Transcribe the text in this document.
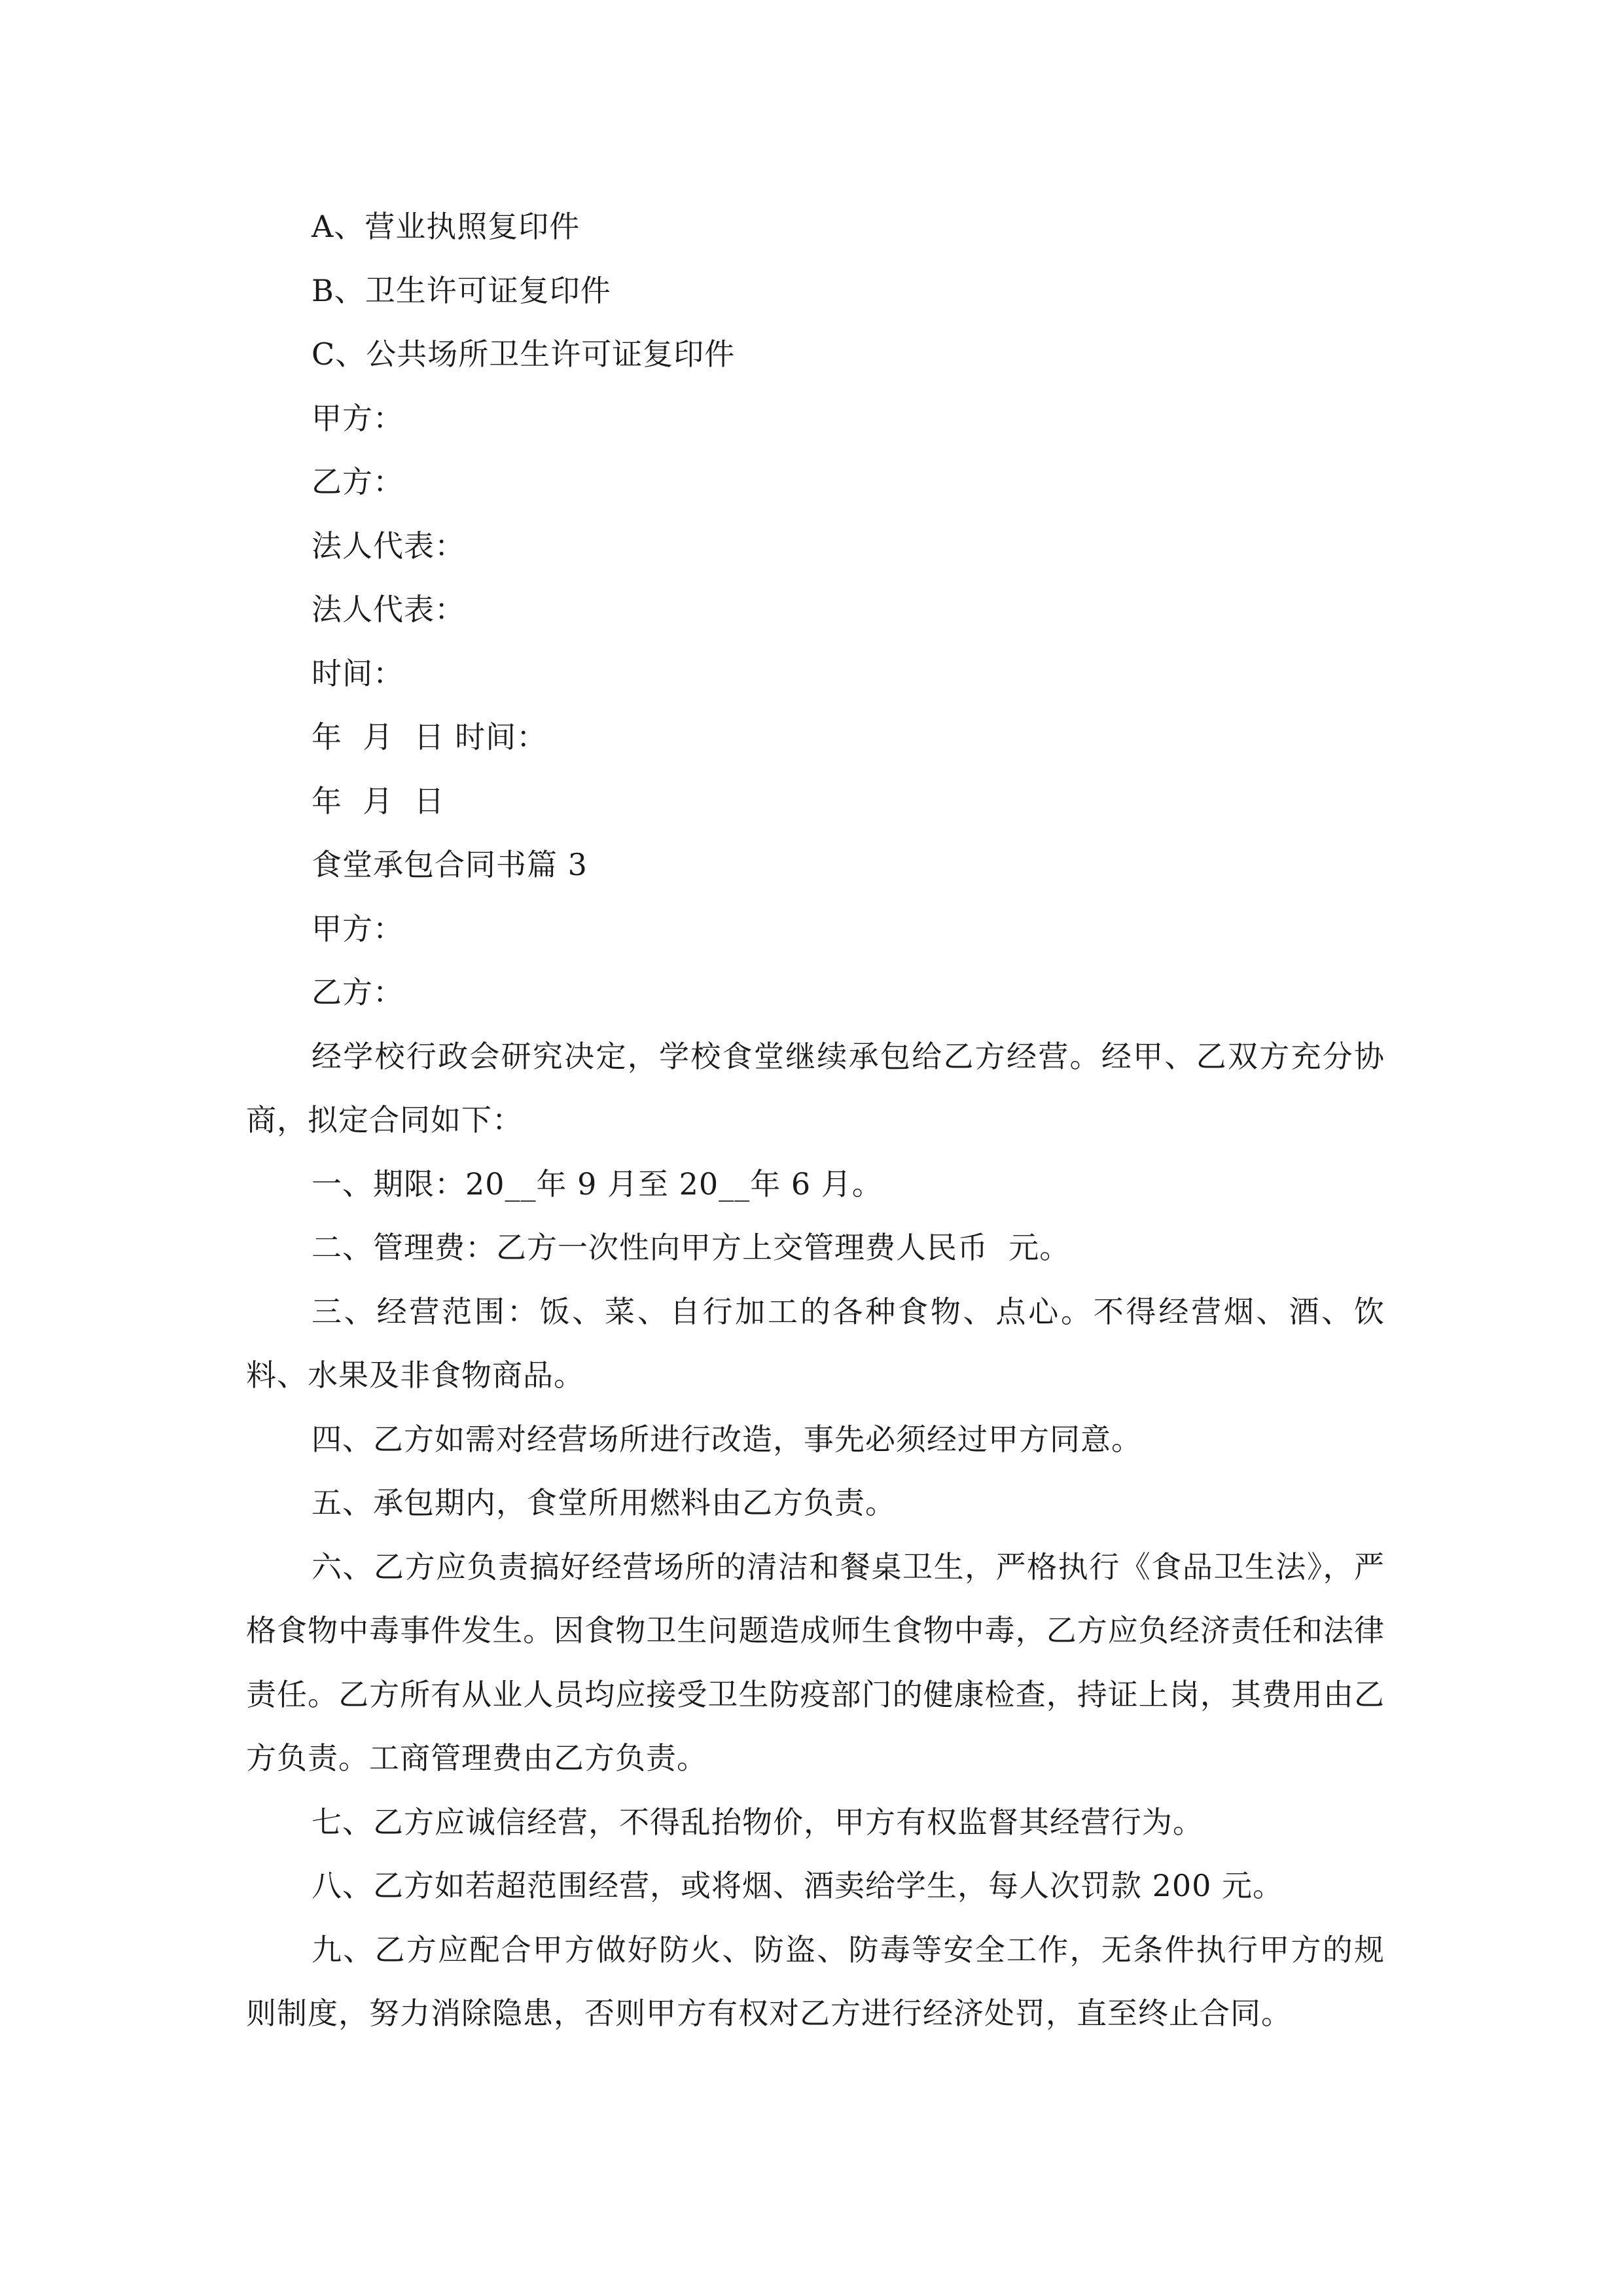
A、营业执照复印件

B、卫生许可证复印件

C、公共场所卫生许可证复印件

甲方：

乙方：

法人代表：

法人代表：

时间：

年  月  日 时间：

年  月  日

食堂承包合同书篇 3

甲方：

乙方：

经学校行政会研究决定，学校食堂继续承包给乙方经营。经甲、乙双方充分协商，拟定合同如下：

一、期限：20__年 9 月至 20__年 6 月。

二、管理费：乙方一次性向甲方上交管理费人民币  元。

三、经营范围：饭、菜、自行加工的各种食物、点心。不得经营烟、酒、饮料、水果及非食物商品。

四、乙方如需对经营场所进行改造，事先必须经过甲方同意。

五、承包期内，食堂所用燃料由乙方负责。

六、乙方应负责搞好经营场所的清洁和餐桌卫生，严格执行《食品卫生法》，严格食物中毒事件发生。因食物卫生问题造成师生食物中毒，乙方应负经济责任和法律责任。乙方所有从业人员均应接受卫生防疫部门的健康检查，持证上岗，其费用由乙方负责。工商管理费由乙方负责。

七、乙方应诚信经营，不得乱抬物价，甲方有权监督其经营行为。

八、乙方如若超范围经营，或将烟、酒卖给学生，每人次罚款 200 元。

九、乙方应配合甲方做好防火、防盗、防毒等安全工作，无条件执行甲方的规则制度，努力消除隐患，否则甲方有权对乙方进行经济处罚，直至终止合同。
